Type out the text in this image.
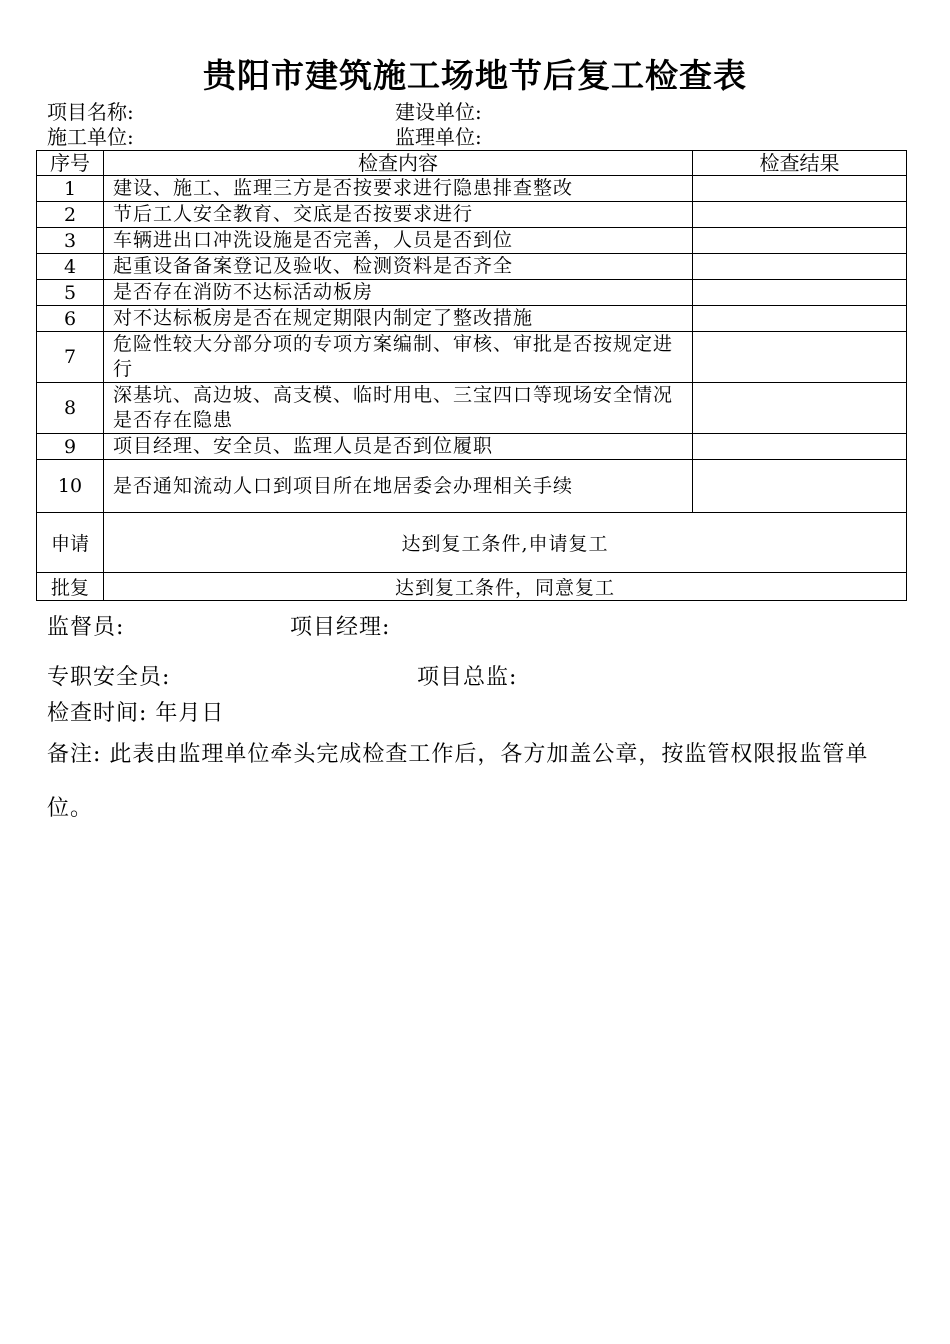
贵阳市建筑施工场地节后复工检查表
项目名称:	建设单位:
施工单位:	监理单位:
序号	检查内容	检查结果
1	建设、施工、监理三方是否按要求进行隐患排查整改	
2	节后工人安全教育、交底是否按要求进行	
3	车辆进出口冲洗设施是否完善，人员是否到位	
4	起重设备备案登记及验收、检测资料是否齐全	
5	是否存在消防不达标活动板房	
6	对不达标板房是否在规定期限内制定了整改措施	
7	危险性较大分部分项的专项方案编制、审核、审批是否按规定进行	
8	深基坑、高边坡、高支模、临时用电、三宝四口等现场安全情况是否存在隐患	
9	项目经理、安全员、监理人员是否到位履职	
10	是否通知流动人口到项目所在地居委会办理相关手续	
申请	达到复工条件,申请复工	
批复	达到复工条件，同意复工	
监督员:	项目经理:
专职安全员:	项目总监:
检查时间: 年月日
备注: 此表由监理单位牵头完成检查工作后，各方加盖公章，按监管权限报监管单位。
